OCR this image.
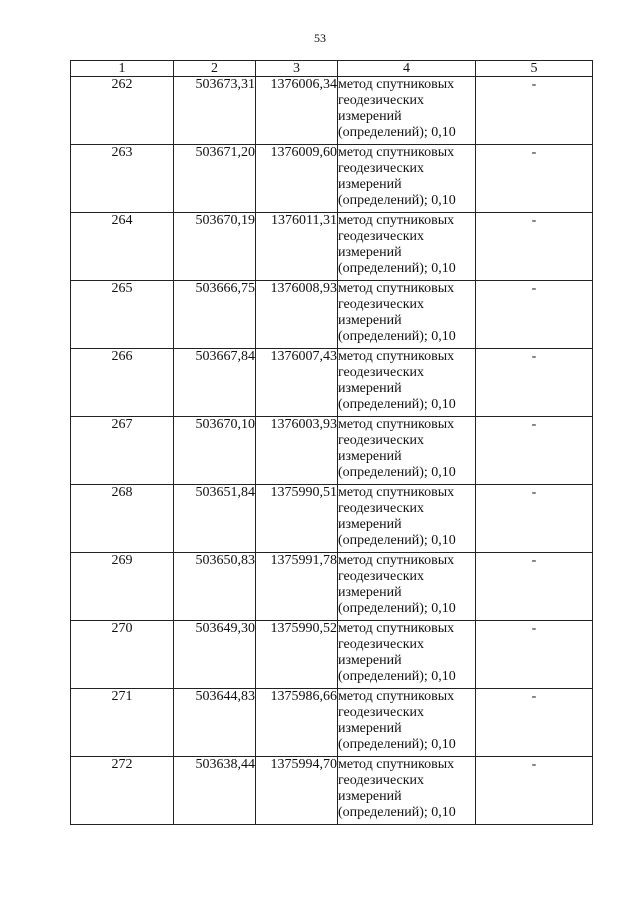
53
1	2	3	4	5
262	503673,31	1376006,34	метод спутниковых
геодезических
измерений
(определений); 0,10	-
263	503671,20	1376009,60	метод спутниковых
геодезических
измерений
(определений); 0,10	-
264	503670,19	1376011,31	метод спутниковых
геодезических
измерений
(определений); 0,10	-
265	503666,75	1376008,93	метод спутниковых
геодезических
измерений
(определений); 0,10	-
266	503667,84	1376007,43	метод спутниковых
геодезических
измерений
(определений); 0,10	-
267	503670,10	1376003,93	метод спутниковых
геодезических
измерений
(определений); 0,10	-
268	503651,84	1375990,51	метод спутниковых
геодезических
измерений
(определений); 0,10	-
269	503650,83	1375991,78	метод спутниковых
геодезических
измерений
(определений); 0,10	-
270	503649,30	1375990,52	метод спутниковых
геодезических
измерений
(определений); 0,10	-
271	503644,83	1375986,66	метод спутниковых
геодезических
измерений
(определений); 0,10	-
272	503638,44	1375994,70	метод спутниковых
геодезических
измерений
(определений); 0,10	-
